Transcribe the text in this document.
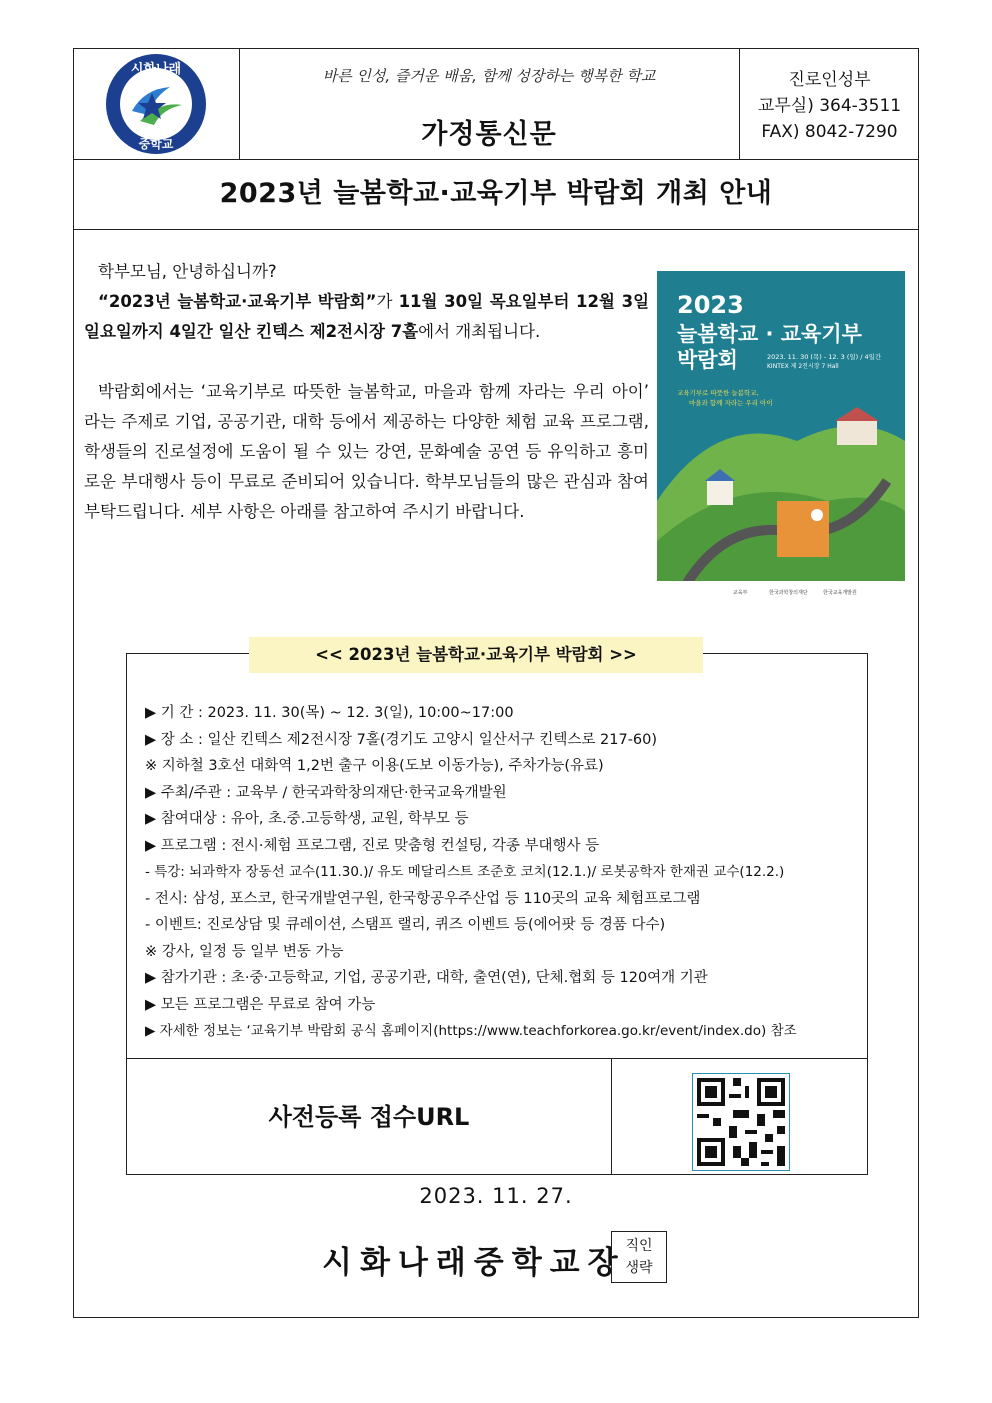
시화나래
중학교
바른 인성, 즐거운 배움, 함께 성장하는 행복한 학교
가정통신문
진로인성부
교무실) 364-3511
FAX) 8042-7290
2023년 늘봄학교·교육기부 박람회 개최 안내

학부모님, 안녕하십니까?

“2023년 늘봄학교·교육기부 박람회”가 11월 30일 목요일부터 12월 3일 일요일까지 4일간 일산 킨텍스 제2전시장 7홀에서 개최됩니다.

박람회에서는 ‘교육기부로 따뜻한 늘봄학교, 마을과 함께 자라는 우리 아이’ 라는 주제로 기업, 공공기관, 대학 등에서 제공하는 다양한 체험 교육 프로그램, 학생들의 진로설정에 도움이 될 수 있는 강연, 문화예술 공연 등 유익하고 흥미로운 부대행사 등이 무료로 준비되어 있습니다. 학부모님들의 많은 관심과 참여 부탁드립니다. 세부 사항은 아래를 참고하여 주시기 바랍니다.

2023
늘봄학교 · 교육기부
박람회	2023. 11. 30 (목) - 12. 3 (일) / 4일간
KINTEX 제 2전시장 7 Hall
교육기부로 따뜻한 늘봄학교,
마을과 함께 자라는 우리 아이
교육부	한국과학창의재단	한국교육개발원
<< 2023년 늘봄학교·교육기부 박람회 >>
▶ 기 간 : 2023. 11. 30(목) ~ 12. 3(일), 10:00~17:00
▶ 장 소 : 일산 킨텍스 제2전시장 7홀(경기도 고양시 일산서구 킨텍스로 217-60)
※ 지하철 3호선 대화역 1,2번 출구 이용(도보 이동가능), 주차가능(유료)
▶ 주최/주관 : 교육부 / 한국과학창의재단·한국교육개발원
▶ 참여대상 : 유아, 초.중.고등학생, 교원, 학부모 등
▶ 프로그램 : 전시·체험 프로그램, 진로 맞춤형 컨설팅, 각종 부대행사 등
- 특강: 뇌과학자 장동선 교수(11.30.)/ 유도 메달리스트 조준호 코치(12.1.)/ 로봇공학자 한재권 교수(12.2.)
- 전시: 삼성, 포스코, 한국개발연구원, 한국항공우주산업 등 110곳의 교육 체험프로그램
- 이벤트: 진로상담 및 큐레이션, 스탬프 랠리, 퀴즈 이벤트 등(에어팟 등 경품 다수)
※ 강사, 일정 등 일부 변동 가능
▶ 참가기관 : 초·중·고등학교, 기업, 공공기관, 대학, 출연(연), 단체.협회 등 120여개 기관
▶ 모든 프로그램은 무료로 참여 가능
▶ 자세한 정보는 ‘교육기부 박람회 공식 홈페이지(https://www.teachforkorea.go.kr/event/index.do) 참조
사전등록 접수URL
2023. 11. 27.
시화나래중학교장 직인
생략
